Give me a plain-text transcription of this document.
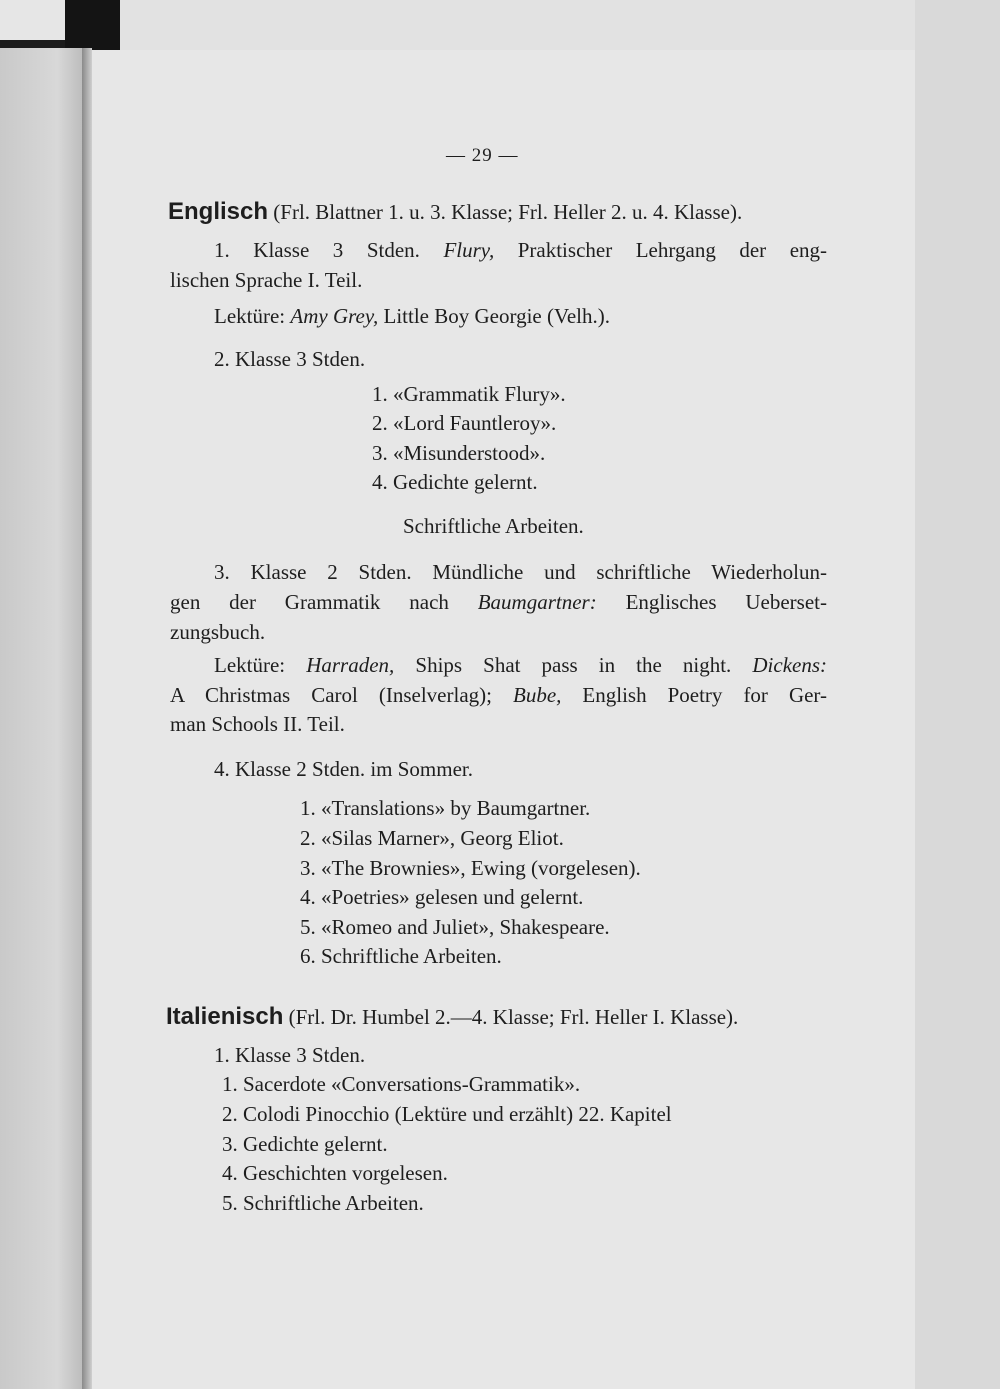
— 29 —
Englisch (Frl. Blattner 1. u. 3. Klasse; Frl. Heller 2. u. 4. Klasse).
1. Klasse 3 Stden. Flury, Praktischer Lehrgang der eng-
lischen Sprache I. Teil.
Lektüre: Amy Grey, Little Boy Georgie (Velh.).
2. Klasse 3 Stden.
1. «Grammatik Flury».
2. «Lord Fauntleroy».
3. «Misunderstood».
4. Gedichte gelernt.
Schriftliche Arbeiten.
3. Klasse 2 Stden. Mündliche und schriftliche Wiederholun-
gen der Grammatik nach Baumgartner: Englisches Ueberset-
zungsbuch.
Lektüre: Harraden, Ships Shat pass in the night. Dickens:
A Christmas Carol (Inselverlag); Bube, English Poetry for Ger-
man Schools II. Teil.
4. Klasse 2 Stden. im Sommer.
1. «Translations» by Baumgartner.
2. «Silas Marner», Georg Eliot.
3. «The Brownies», Ewing (vorgelesen).
4. «Poetries» gelesen und gelernt.
5. «Romeo and Juliet», Shakespeare.
6. Schriftliche Arbeiten.
Italienisch (Frl. Dr. Humbel 2.—4. Klasse; Frl. Heller I. Klasse).
1. Klasse 3 Stden.
1. Sacerdote «Conversations-Grammatik».
2. Colodi Pinocchio (Lektüre und erzählt) 22. Kapitel
3. Gedichte gelernt.
4. Geschichten vorgelesen.
5. Schriftliche Arbeiten.
